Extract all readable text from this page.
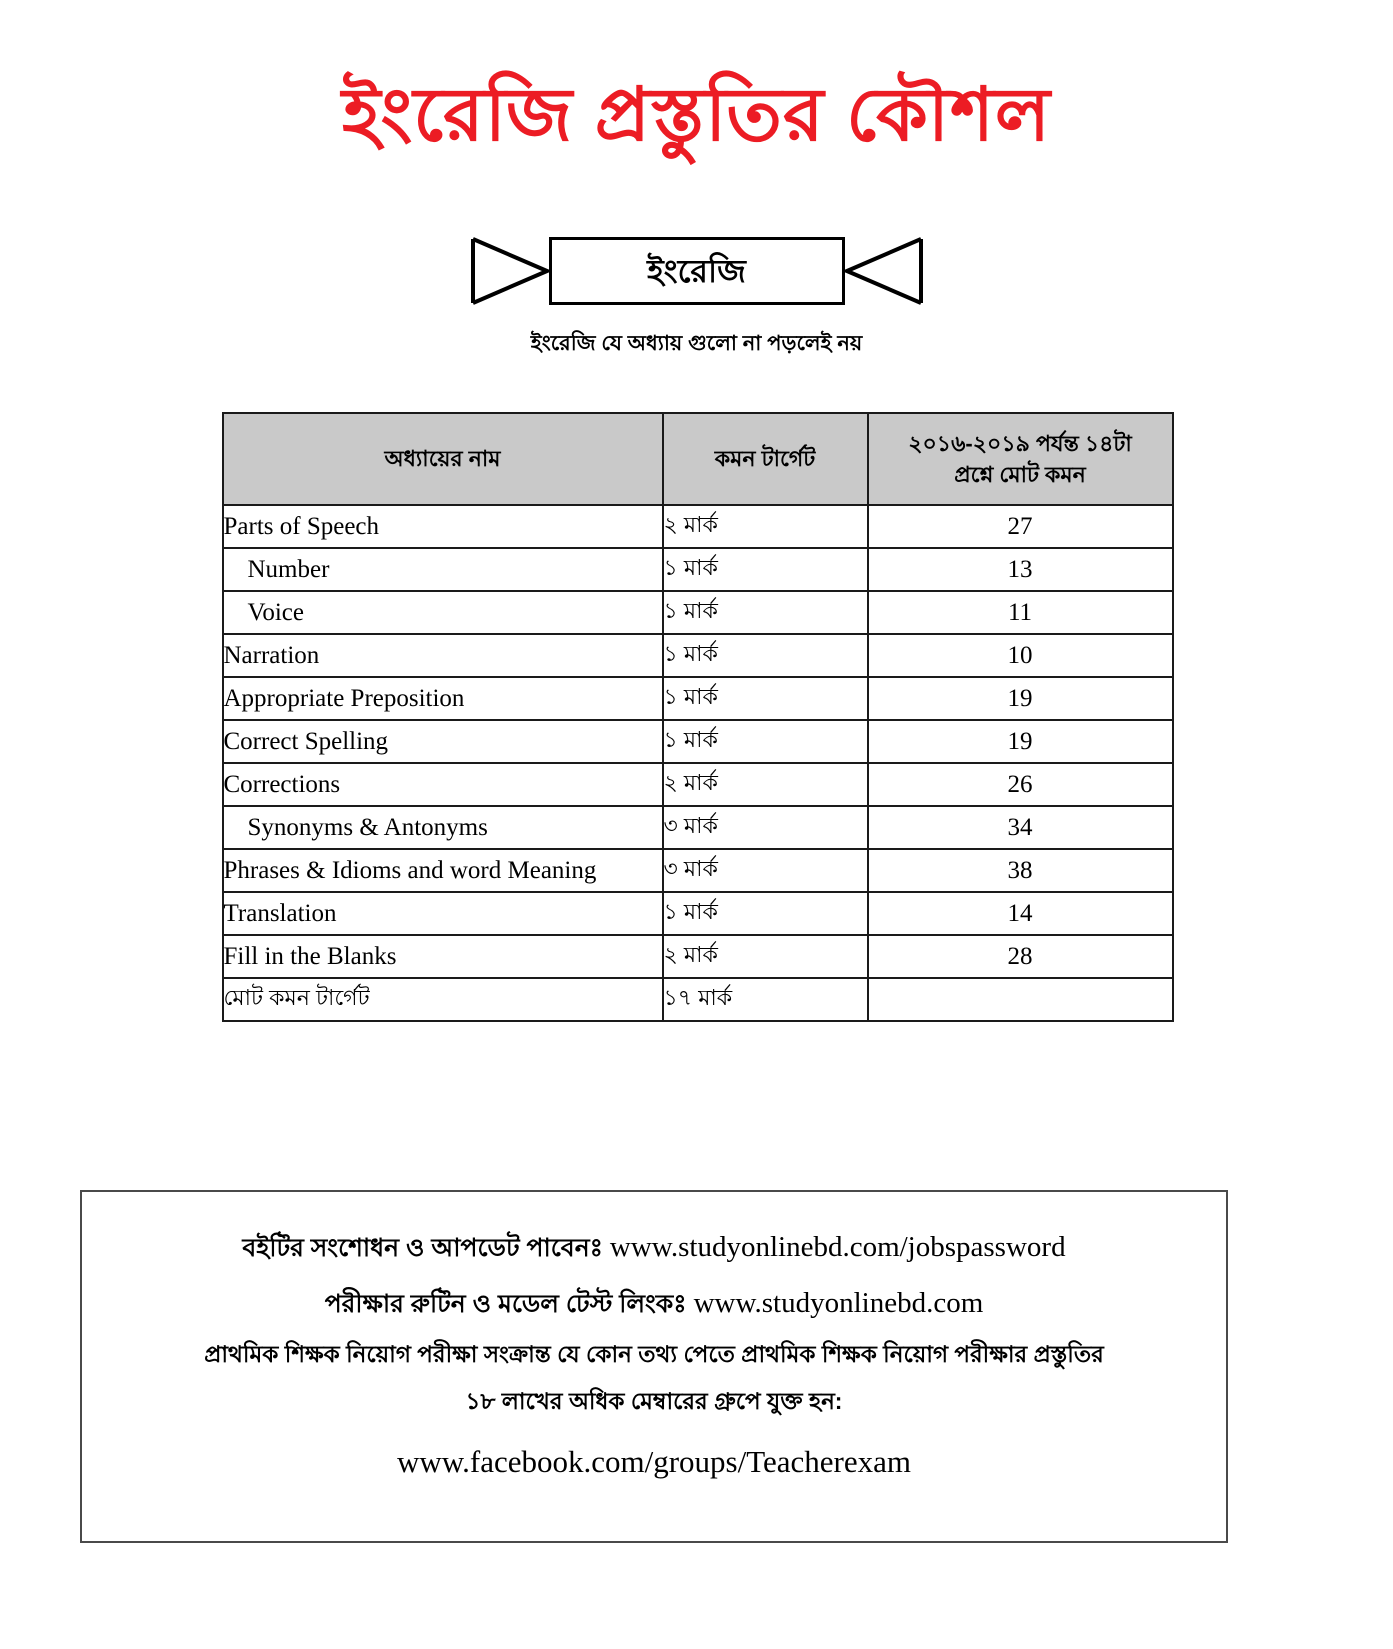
ইংরেজি প্রস্তুতির কৌশল
ইংরেজি
ইংরেজি যে অধ্যায় গুলো না পড়লেই নয়
অধ্যায়ের নাম	কমন টার্গেট	২০১৬-২০১৯ পর্যন্ত ১৪টা
প্রশ্নে মোট কমন

Parts of Speech	২ মার্ক	27
Number	১ মার্ক	13
Voice	১ মার্ক	11
Narration	১ মার্ক	10
Appropriate Preposition	১ মার্ক	19
Correct Spelling	১ মার্ক	19
Corrections	২ মার্ক	26
Synonyms & Antonyms	৩ মার্ক	34
Phrases & Idioms and word Meaning	৩ মার্ক	38
Translation	১ মার্ক	14
Fill in the Blanks	২ মার্ক	28
মোট কমন টার্গেট	১৭ মার্ক	

বইটির সংশোধন ও আপডেট পাবেনঃ www.studyonlinebd.com/jobspassword

পরীক্ষার রুটিন ও মডেল টেস্ট লিংকঃ www.studyonlinebd.com

প্রাথমিক শিক্ষক নিয়োগ পরীক্ষা সংক্রান্ত যে কোন তথ্য পেতে প্রাথমিক শিক্ষক নিয়োগ পরীক্ষার প্রস্তুতির

১৮ লাখের অধিক মেম্বারের গ্রুপে যুক্ত হন:

www.facebook.com/groups/Teacherexam
